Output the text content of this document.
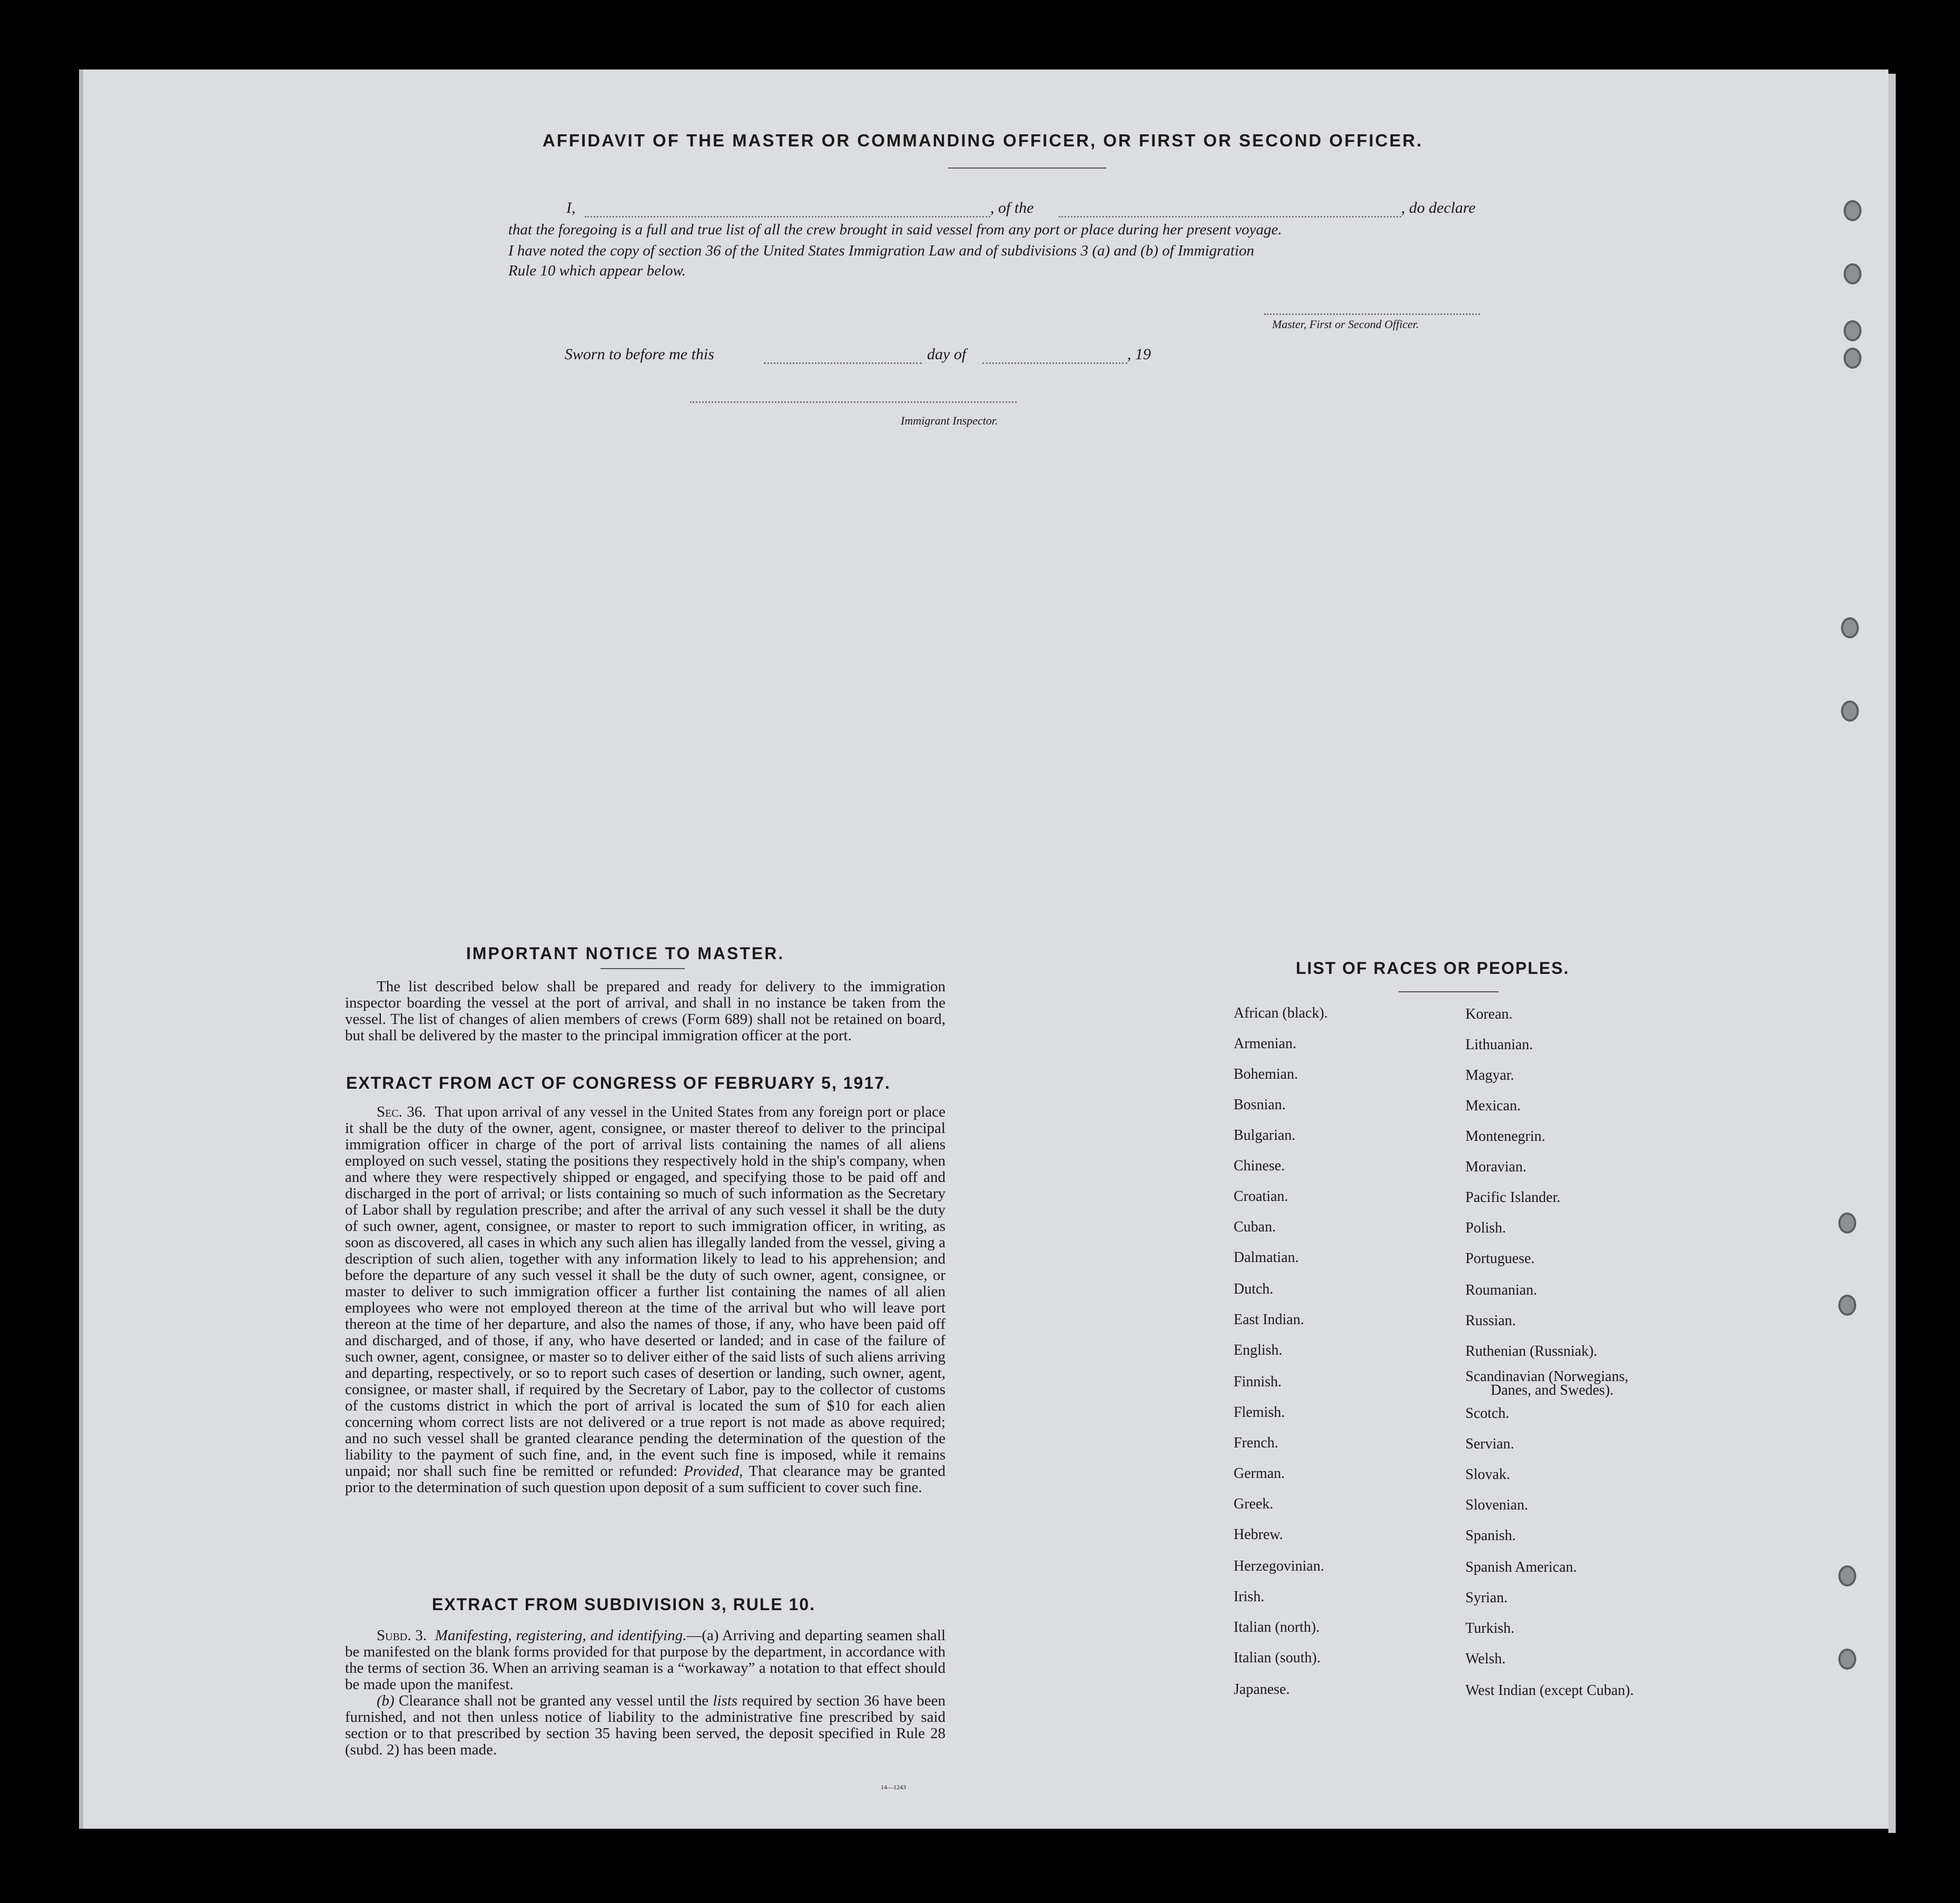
AFFIDAVIT OF THE MASTER OR COMMANDING OFFICER, OR FIRST OR SECOND OFFICER.
I,	, of the	, do declare
that the foregoing is a full and true list of all the crew brought in said vessel from any port or place during her present voyage.
I have noted the copy of section 36 of the United States Immigration Law and of subdivisions 3 (a) and (b) of Immigration
Rule 10 which appear below.
Master, First or Second Officer.
Sworn to before me this	day of	, 19
Immigrant Inspector.
IMPORTANT NOTICE TO MASTER.

The list described below shall be prepared and ready for delivery to the immigration inspector boarding the vessel at the port of arrival, and shall in no instance be taken from the vessel. The list of changes of alien members of crews (Form 689) shall not be retained on board, but shall be delivered by the master to the principal immigration officer at the port.

EXTRACT FROM ACT OF CONGRESS OF FEBRUARY 5, 1917.

Sec. 36. That upon arrival of any vessel in the United States from any foreign port or place it shall be the duty of the owner, agent, consignee, or master thereof to deliver to the principal immigration officer in charge of the port of arrival lists containing the names of all aliens employed on such vessel, stating the positions they respectively hold in the ship's company, when and where they were respectively shipped or engaged, and specifying those to be paid off and discharged in the port of arrival; or lists containing so much of such information as the Secretary of Labor shall by regulation prescribe; and after the arrival of any such vessel it shall be the duty of such owner, agent, consignee, or master to report to such immigration officer, in writing, as soon as discovered, all cases in which any such alien has illegally landed from the vessel, giving a description of such alien, together with any information likely to lead to his apprehension; and before the departure of any such vessel it shall be the duty of such owner, agent, consignee, or master to deliver to such immigration officer a further list containing the names of all alien employees who were not employed thereon at the time of the arrival but who will leave port thereon at the time of her departure, and also the names of those, if any, who have been paid off and discharged, and of those, if any, who have deserted or landed; and in case of the failure of such owner, agent, consignee, or master so to deliver either of the said lists of such aliens arriving and departing, respectively, or so to report such cases of desertion or landing, such owner, agent, consignee, or master shall, if required by the Secretary of Labor, pay to the collector of customs of the customs district in which the port of arrival is located the sum of $10 for each alien concerning whom correct lists are not delivered or a true report is not made as above required; and no such vessel shall be granted clearance pending the determination of the question of the liability to the payment of such fine, and, in the event such fine is imposed, while it remains unpaid; nor shall such fine be remitted or refunded: Provided, That clearance may be granted prior to the determination of such question upon deposit of a sum sufficient to cover such fine.

EXTRACT FROM SUBDIVISION 3, RULE 10.

Subd. 3. Manifesting, registering, and identifying.—(a) Arriving and departing seamen shall be manifested on the blank forms provided for that purpose by the department, in accordance with the terms of section 36. When an arriving seaman is a “workaway” a notation to that effect should be made upon the manifest.

(b) Clearance shall not be granted any vessel until the lists required by section 36 have been furnished, and not then unless notice of liability to the administrative fine prescribed by said section or to that prescribed by section 35 having been served, the deposit specified in Rule 28 (subd. 2) has been made.

14—1243
LIST OF RACES OR PEOPLES.
African (black).
Armenian.
Bohemian.
Bosnian.
Bulgarian.
Chinese.
Croatian.
Cuban.
Dalmatian.
Dutch.
East Indian.
English.
Finnish.
Flemish.
French.
German.
Greek.
Hebrew.
Herzegovinian.
Irish.
Italian (north).
Italian (south).
Japanese.
Korean.
Lithuanian.
Magyar.
Mexican.
Montenegrin.
Moravian.
Pacific Islander.
Polish.
Portuguese.
Roumanian.
Russian.
Ruthenian (Russniak).
Scandinavian (Norwegians,
Danes, and Swedes).
Scotch.
Servian.
Slovak.
Slovenian.
Spanish.
Spanish American.
Syrian.
Turkish.
Welsh.
West Indian (except Cuban).
